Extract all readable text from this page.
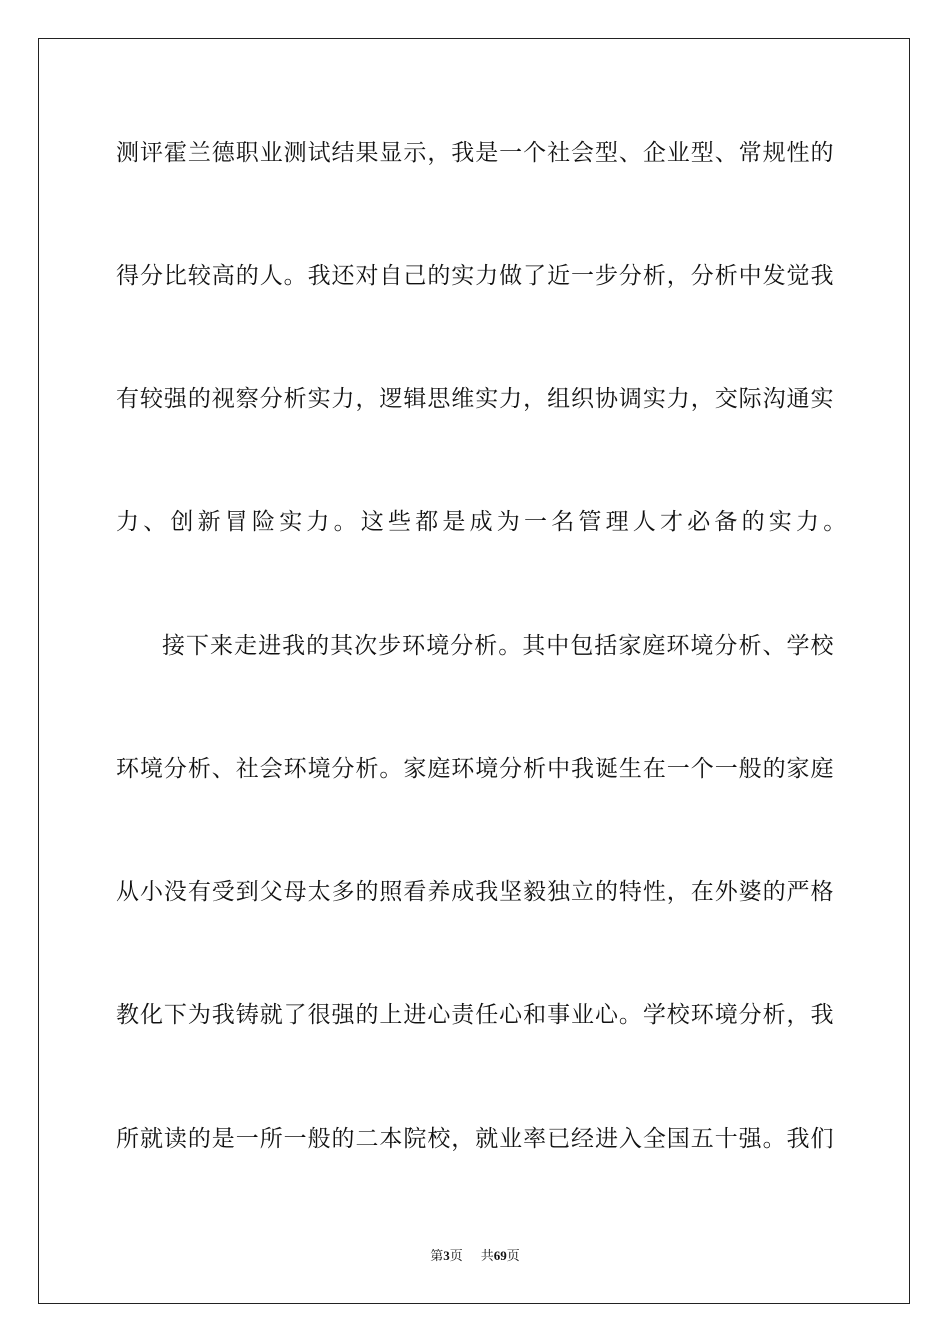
测评霍兰德职业测试结果显示，我是一个社会型、企业型、常规性的
得分比较高的人。我还对自己的实力做了近一步分析，分析中发觉我
有较强的视察分析实力，逻辑思维实力，组织协调实力，交际沟通实
力、创新冒险实力。这些都是成为一名管理人才必备的实力。
接下来走进我的其次步环境分析。其中包括家庭环境分析、学校
环境分析、社会环境分析。家庭环境分析中我诞生在一个一般的家庭
从小没有受到父母太多的照看养成我坚毅独立的特性，在外婆的严格
教化下为我铸就了很强的上进心责任心和事业心。学校环境分析，我
所就读的是一所一般的二本院校，就业率已经进入全国五十强。我们
第3页 共69页
